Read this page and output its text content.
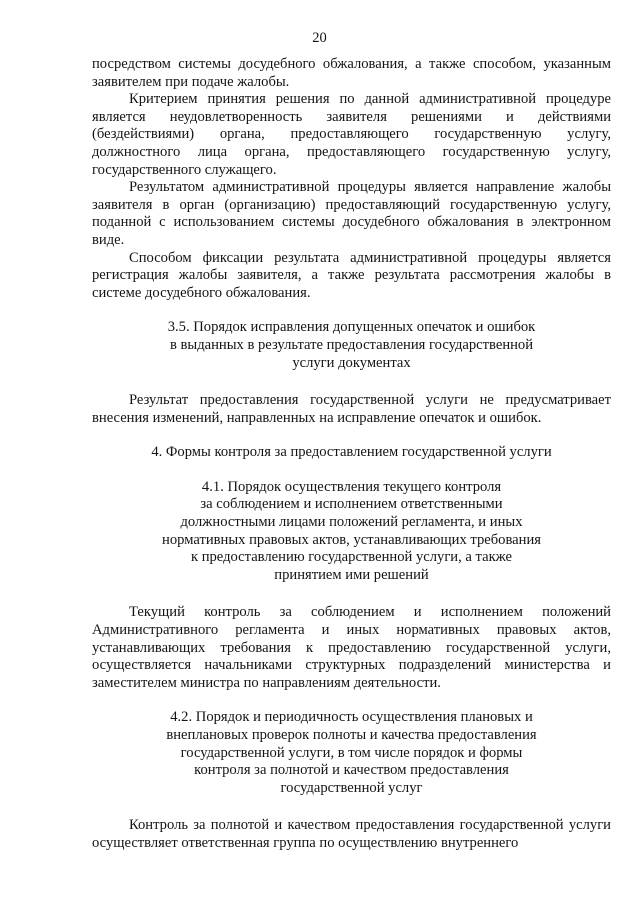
20

посредством системы досудебного обжалования, а также способом, указанным заявителем при подаче жалобы.

Критерием принятия решения по данной административной процедуре является неудовлетворенность заявителя решениями и действиями (бездействиями) органа, предоставляющего государственную услугу, должностного лица органа, предоставляющего государственную услугу, государственного служащего.

Результатом административной процедуры является направление жалобы заявителя в орган (организацию) предоставляющий государственную услугу, поданной с использованием системы досудебного обжалования в электронном виде.

Способом фиксации результата административной процедуры является регистрация жалобы заявителя, а также результата рассмотрения жалобы в системе досудебного обжалования.

3.5. Порядок исправления допущенных опечаток и ошибок
в выданных в результате предоставления государственной
услуги документах

Результат предоставления государственной услуги не предусматривает внесения изменений, направленных на исправление опечаток и ошибок.

4. Формы контроля за предоставлением государственной услуги
4.1. Порядок осуществления текущего контроля
за соблюдением и исполнением ответственными
должностными лицами положений регламента, и иных
нормативных правовых актов, устанавливающих требования
к предоставлению государственной услуги, а также
принятием ими решений

Текущий контроль за соблюдением и исполнением положений Административного регламента и иных нормативных правовых актов, устанавливающих требования к предоставлению государственной услуги, осуществляется начальниками структурных подразделений министерства и заместителем министра по направлениям деятельности.

4.2. Порядок и периодичность осуществления плановых и
внеплановых проверок полноты и качества предоставления
государственной услуги, в том числе порядок и формы
контроля за полнотой и качеством предоставления
государственной услуг

Контроль за полнотой и качеством предоставления государственной услуги осуществляет ответственная группа по осуществлению внутреннего
